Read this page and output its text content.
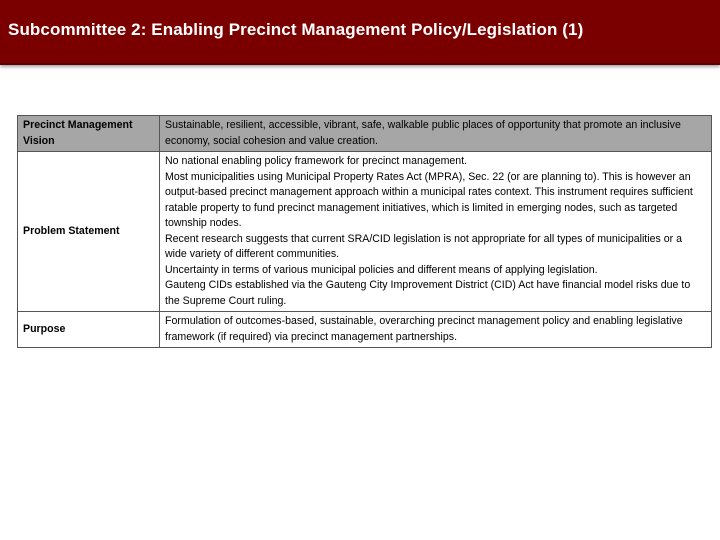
Subcommittee 2: Enabling Precinct Management Policy/Legislation (1)
Precinct Management Vision	Sustainable, resilient, accessible, vibrant, safe, walkable public places of opportunity that promote an inclusive economy, social cohesion and value creation.

Problem Statement	No national enabling policy framework for precinct management.
Most municipalities using Municipal Property Rates Act (MPRA), Sec. 22 (or are planning to). This is however an output-based precinct management approach within a municipal rates context. This instrument requires sufficient ratable property to fund precinct management initiatives, which is limited in emerging nodes, such as targeted township nodes.
Recent research suggests that current SRA/CID legislation is not appropriate for all types of municipalities or a wide variety of different communities.
Uncertainty in terms of various municipal policies and different means of applying legislation.
Gauteng CIDs established via the Gauteng City Improvement District (CID) Act have financial model risks due to the Supreme Court ruling.

Purpose	Formulation of outcomes-based, sustainable, overarching precinct management policy and enabling legislative framework (if required) via precinct management partnerships.
